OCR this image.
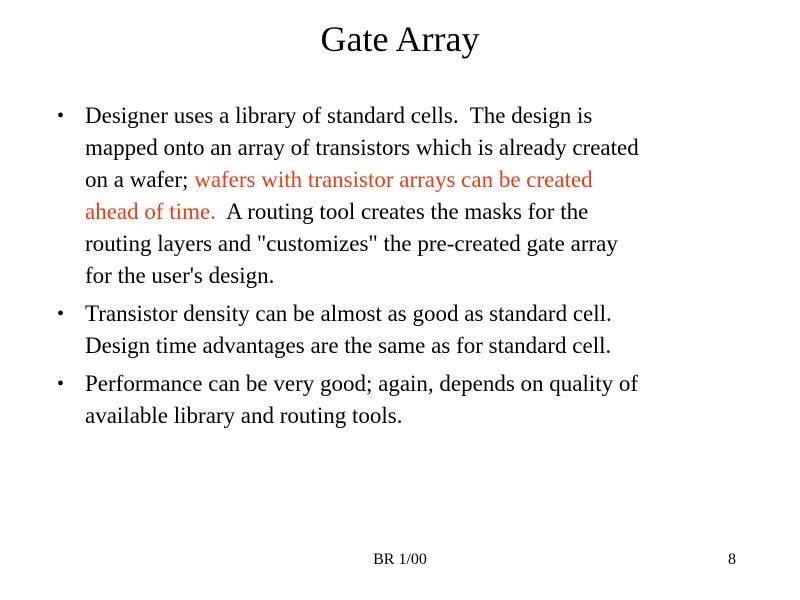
Gate Array
• Designer uses a library of standard cells.  The design is
mapped onto an array of transistors which is already created
on a wafer; wafers with transistor arrays can be created
ahead of time.  A routing tool creates the masks for the
routing layers and "customizes" the pre-created gate array
for the user's design.
• Transistor density can be almost as good as standard cell.
Design time advantages are the same as for standard cell.
• Performance can be very good; again, depends on quality of
available library and routing tools.
BR 1/00	8
